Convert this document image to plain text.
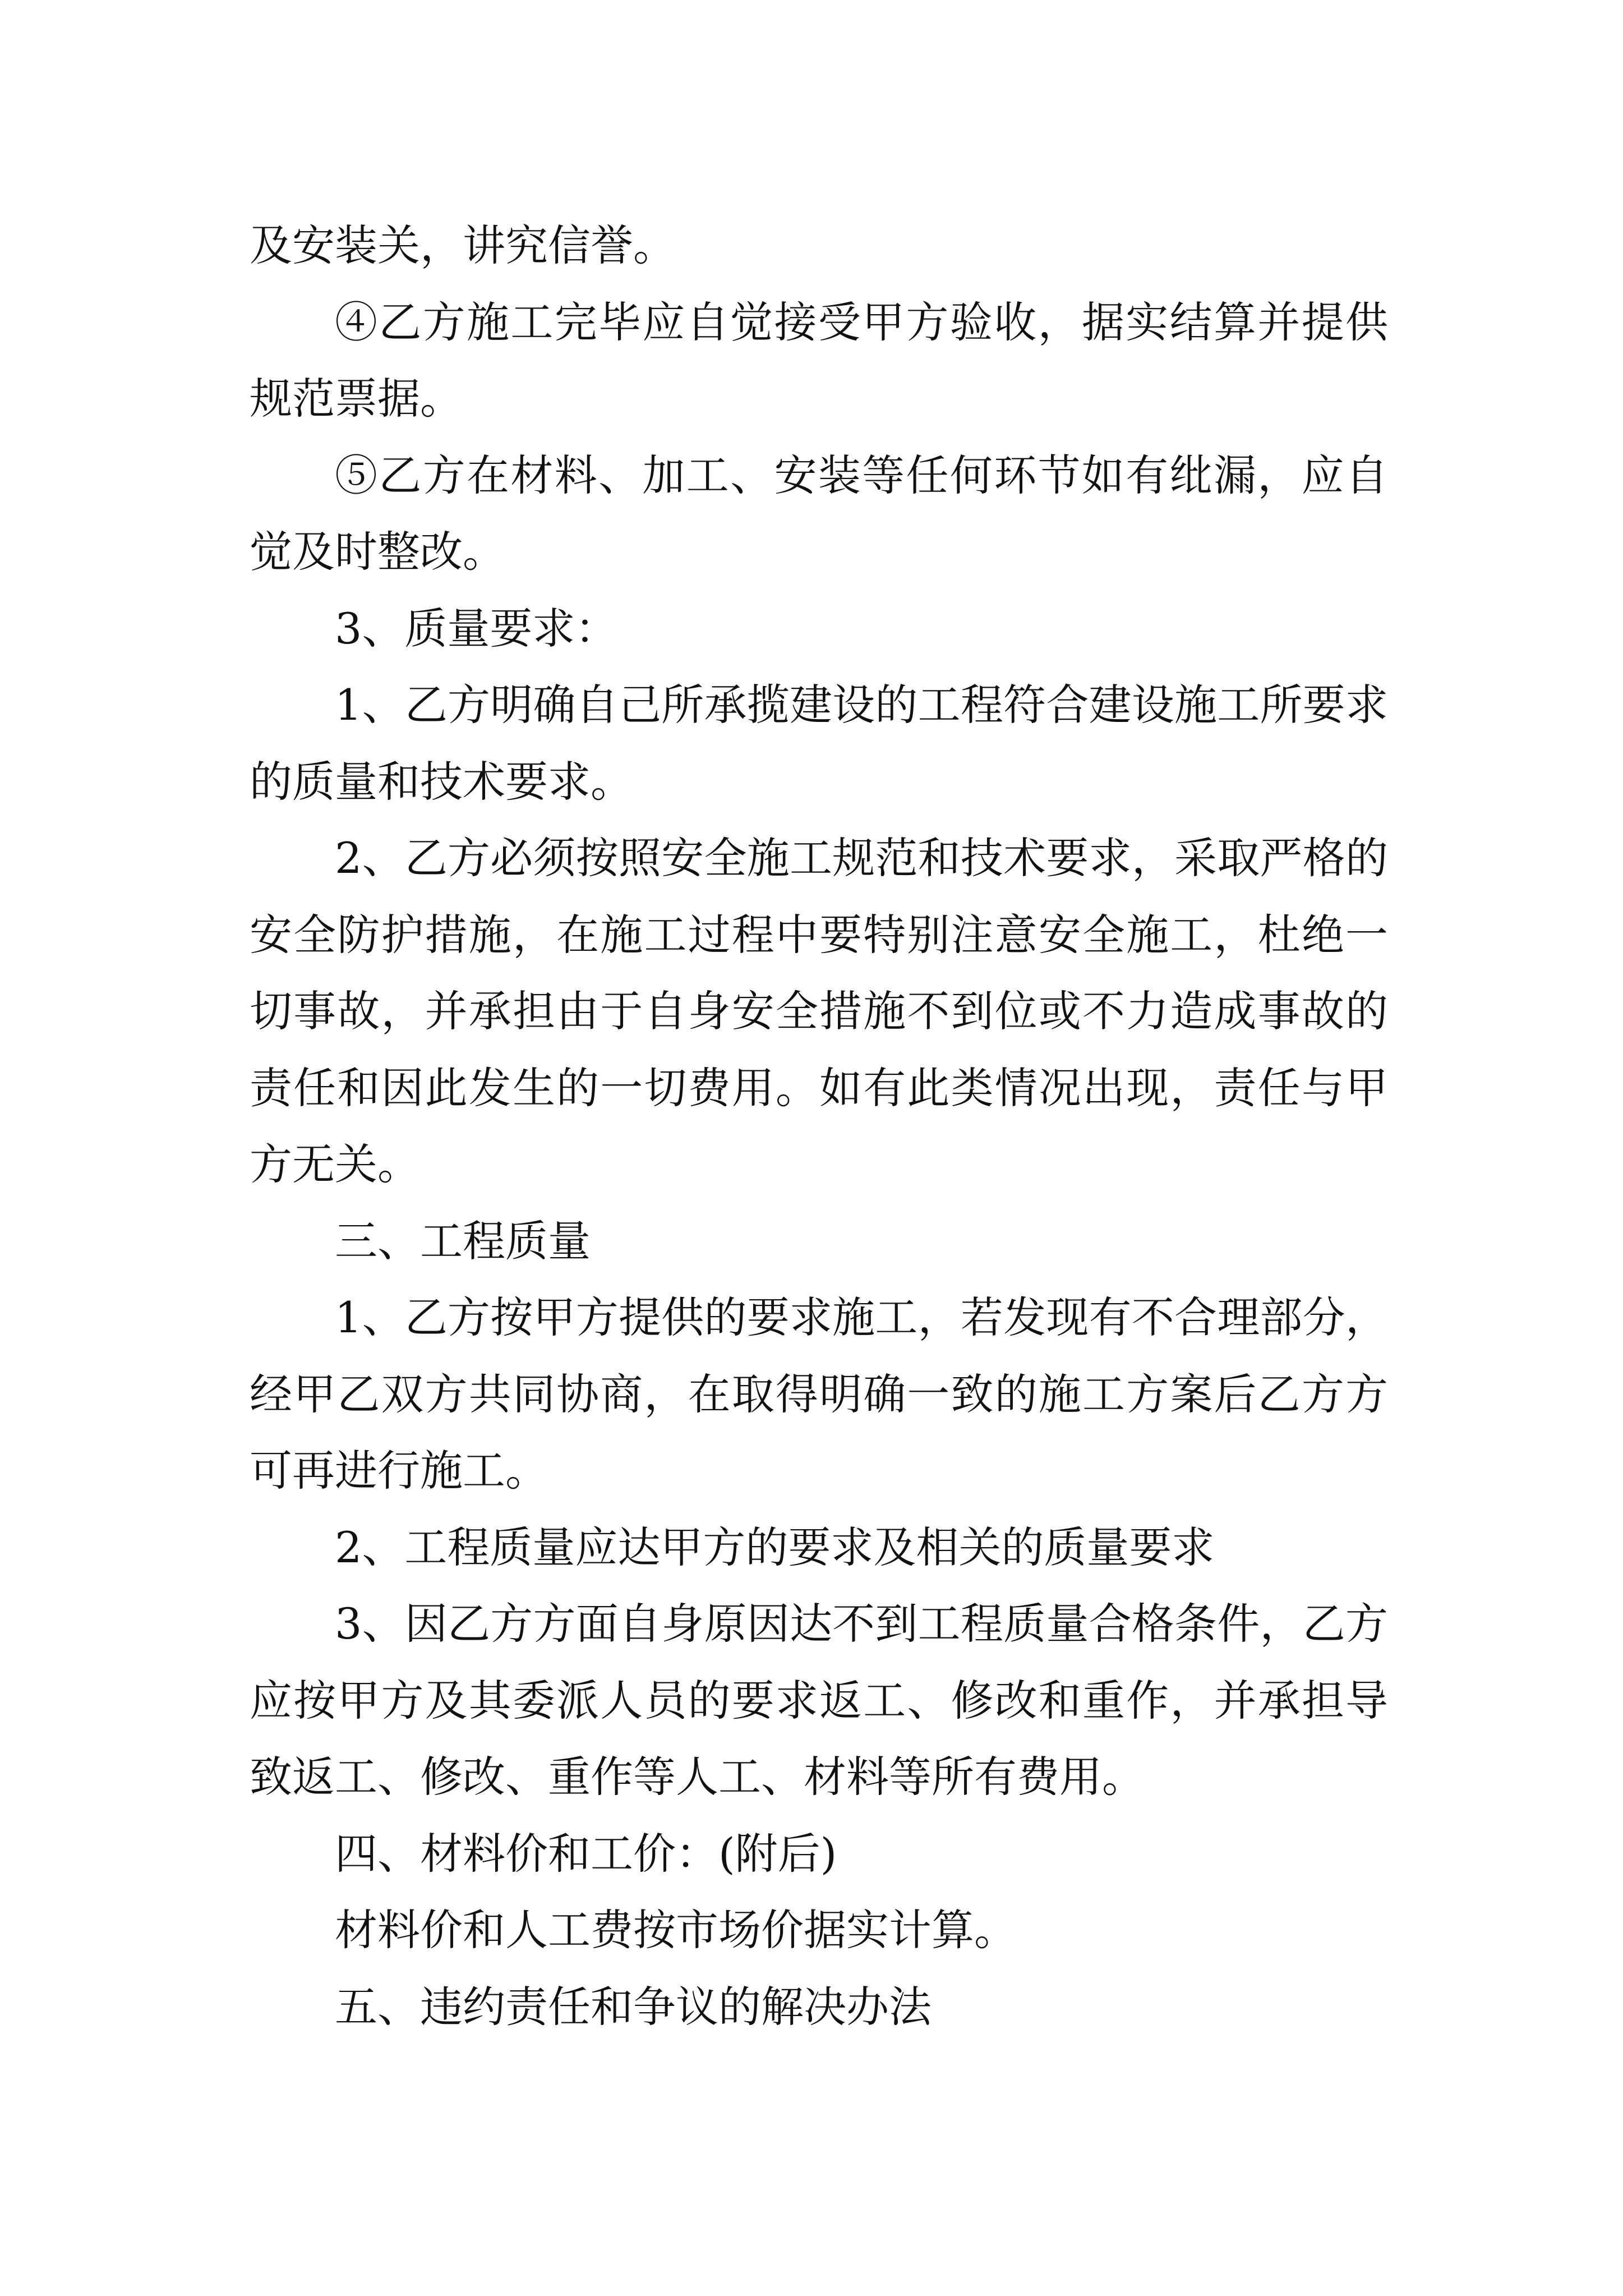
及安装关，讲究信誉。

④乙方施工完毕应自觉接受甲方验收，据实结算并提供规范票据。

⑤乙方在材料、加工、安装等任何环节如有纰漏，应自觉及时整改。

3、质量要求：

1、乙方明确自己所承揽建设的工程符合建设施工所要求的质量和技术要求。

2、乙方必须按照安全施工规范和技术要求，采取严格的安全防护措施，在施工过程中要特别注意安全施工，杜绝一切事故，并承担由于自身安全措施不到位或不力造成事故的责任和因此发生的一切费用。如有此类情况出现，责任与甲方无关。

三、工程质量

1、乙方按甲方提供的要求施工，若发现有不合理部分，经甲乙双方共同协商，在取得明确一致的施工方案后乙方方可再进行施工。

2、工程质量应达甲方的要求及相关的质量要求

3、因乙方方面自身原因达不到工程质量合格条件，乙方应按甲方及其委派人员的要求返工、修改和重作，并承担导致返工、修改、重作等人工、材料等所有费用。

四、材料价和工价：(附后)

材料价和人工费按市场价据实计算。

五、违约责任和争议的解决办法
